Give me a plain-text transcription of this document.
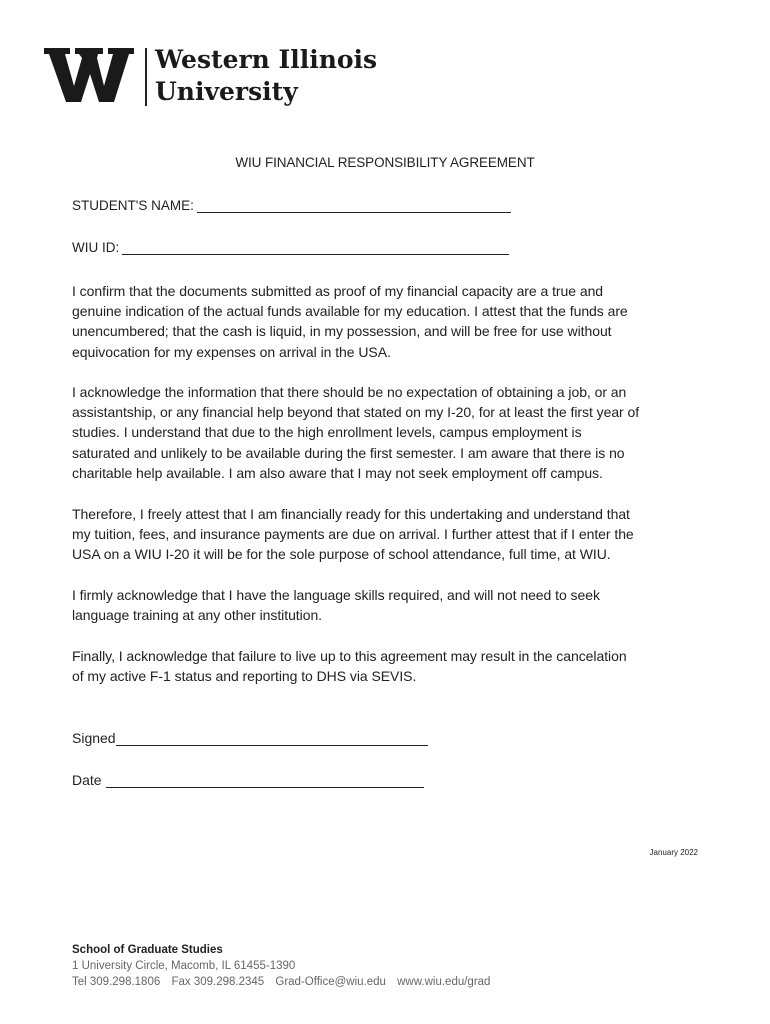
Western Illinois
University
WIU FINANCIAL RESPONSIBILITY AGREEMENT
STUDENT'S NAME:
WIU ID:

I confirm that the documents submitted as proof of my financial capacity are a true and
genuine indication of the actual funds available for my education. I attest that the funds are
unencumbered; that the cash is liquid, in my possession, and will be free for use without
equivocation for my expenses on arrival in the USA.

I acknowledge the information that there should be no expectation of obtaining a job, or an
assistantship, or any financial help beyond that stated on my I-20, for at least the first year of
studies. I understand that due to the high enrollment levels, campus employment is
saturated and unlikely to be available during the first semester. I am aware that there is no
charitable help available. I am also aware that I may not seek employment off campus.

Therefore, I freely attest that I am financially ready for this undertaking and understand that
my tuition, fees, and insurance payments are due on arrival. I further attest that if I enter the
USA on a WIU I-20 it will be for the sole purpose of school attendance, full time, at WIU.

I firmly acknowledge that I have the language skills required, and will not need to seek
language training at any other institution.

Finally, I acknowledge that failure to live up to this agreement may result in the cancelation
of my active F-1 status and reporting to DHS via SEVIS.

Signed
Date
January 2022
School of Graduate Studies
1 University Circle, Macomb, IL 61455-1390
Tel 309.298.1806 Fax 309.298.2345 Grad-Office@wiu.edu www.wiu.edu/grad
